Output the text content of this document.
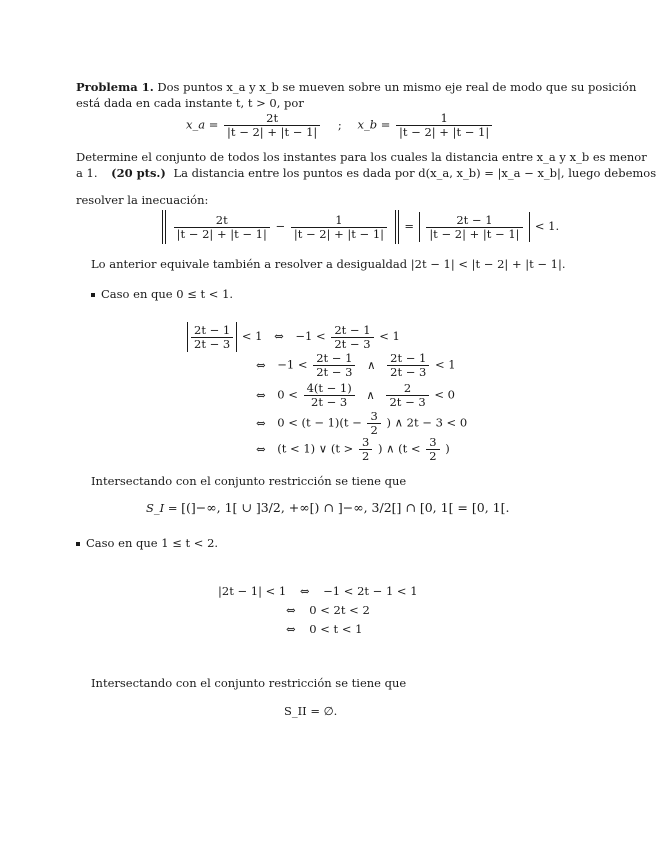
Problema 1. Dos puntos x_a y x_b se mueven sobre un mismo eje real de modo que su posición
está dada en cada instante t, t > 0, por
x_a = $\frac{2t}{|t - 2| + |t - 1|}$ ; x_b = $\frac{1}{|t - 2| + |t - 1|}$
Determine el conjunto de todos los instantes para los cuales la distancia entre x_a y x_b es menor
a 1. (20 pts.) La distancia entre los puntos es dada por d(x_a, x_b) = |x_a − x_b|, luego debemos
resolver la inecuación:

$\frac{2t}{|t - 2| + |t - 1|} - \frac{1}{|t - 2| + |t - 1|} = \frac{2t - 1}{|t - 2| + |t - 1|} < 1$.
Lo anterior equivale también a resolver a desigualdad |2t − 1| < |t − 2| + |t − 1|.
Caso en que 0 ≤ t < 1.
$\frac{2t - 1}{2t - 3} < 1$ ⇔ $-1 < \frac{2t - 1}{2t - 3} < 1$
⇔ $-1 < \frac{2t - 1}{2t - 3}$ ∧ $\frac{2t - 1}{2t - 3} < 1$
⇔ $0 < \frac{4(t - 1)}{2t - 3}$ ∧ $\frac{2}{2t - 3} < 0$
⇔ $0 < (t - 1)(t - \frac{3}{2}$ ) ∧ 2t − 3 < 0
⇔ (t < 1) ∨ ($t > \frac{3}{2}$ ) ∧ ($t < \frac{3}{2}$ )
Intersectando con el conjunto restricción se tiene que
S_I = [(]−∞, 1[ ∪ ]3/2, +∞[) ∩ ]−∞, 3/2[] ∩ [0, 1[ = [0, 1[.
Caso en que 1 ≤ t < 2.
|2t − 1| < 1 ⇔ −1 < 2t − 1 < 1
⇔ 0 < 2t < 2
⇔ 0 < t < 1
Intersectando con el conjunto restricción se tiene que
S_II = ∅.
